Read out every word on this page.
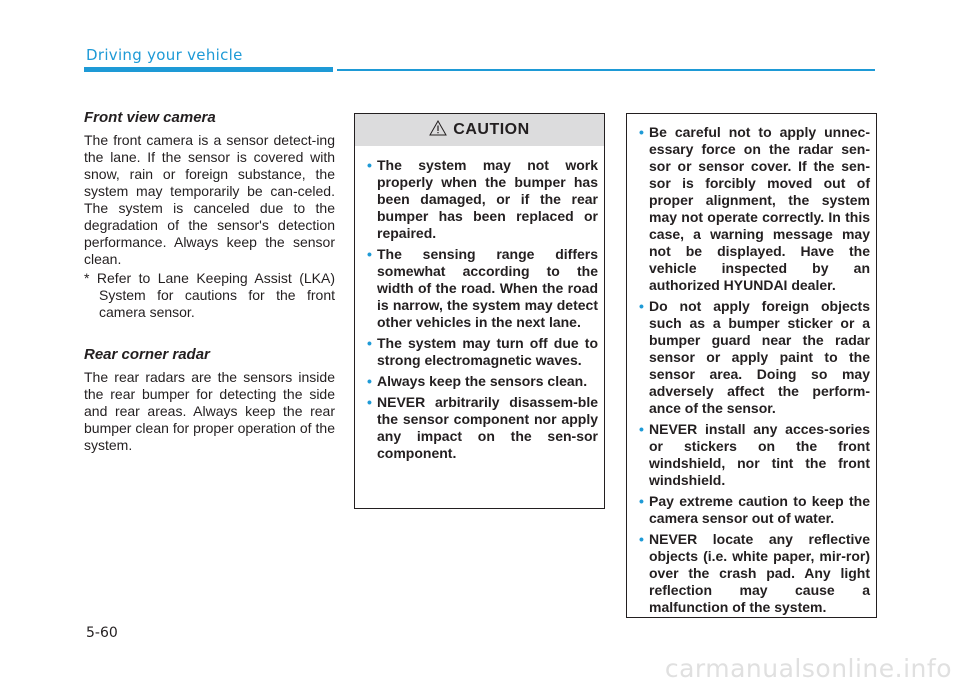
Driving your vehicle
Front view camera

The front camera is a sensor detect-ing the lane. If the sensor is covered with snow, rain or foreign substance, the system may temporarily be can-celed. The system is canceled due to the degradation of the sensor's detection performance. Always keep the sensor clean.

* Refer to Lane Keeping Assist (LKA) System for cautions for the front camera sensor.

Rear corner radar

The rear radars are the sensors inside the rear bumper for detecting the side and rear areas. Always keep the rear bumper clean for proper operation of the system.

CAUTION
• The system may not work properly when the bumper has been damaged, or if the rear bumper has been replaced or repaired.
• The sensing range differs somewhat according to the width of the road. When the road is narrow, the system may detect other vehicles in the next lane.
• The system may turn off due to strong electromagnetic waves.
• Always keep the sensors clean.
• NEVER arbitrarily disassem-ble the sensor component nor apply any impact on the sen-sor component.
• Be careful not to apply unnec-essary force on the radar sen-sor or sensor cover. If the sen-sor is forcibly moved out of proper alignment, the system may not operate correctly. In this case, a warning message may not be displayed. Have the vehicle inspected by an authorized HYUNDAI dealer.
• Do not apply foreign objects such as a bumper sticker or a bumper guard near the radar sensor or apply paint to the sensor area. Doing so may adversely affect the perform-ance of the sensor.
• NEVER install any acces-sories or stickers on the front windshield, nor tint the front windshield.
• Pay extreme caution to keep the camera sensor out of water.
• NEVER locate any reflective objects (i.e. white paper, mir-ror) over the crash pad. Any light reflection may cause a malfunction of the system.
5-60
carmanualsonline.info
